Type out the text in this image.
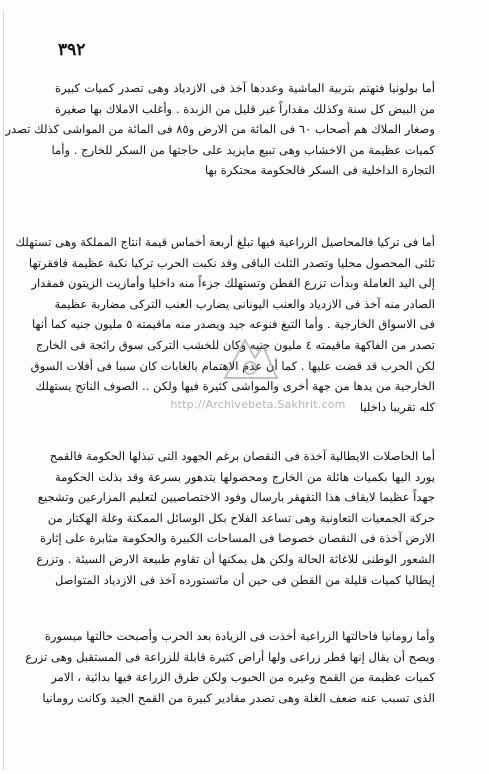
٣٩٢
أما بولونيا فتهتم بتربية الماشية وعددها آخذ فى الازدياد وهى تصدر كميات كبيرة
من البيض كل سنة وكذلك مقداراً غير قليل من الزبدة . وأغلب الاملاك بها صغيرة
وصغار الملاك هم أصحاب ٦٠ فى المائة من الارض و٨٥ فى المائة من المواشى كذلك تصدر
كميات عظيمة من الاخشاب وهى تبيع مايزيد على حاجتها من السكر للخارج . وأما
التجارة الداخلية فى السكر فالحكومة محتكرة بها
أما فى تركيا فالمحاصيل الزراعية فيها تبلغ أربعة أخماس قيمة انتاج المملكة وهى تستهلك
ثلثى المحصول محليا وتصدر الثلث الباقى وقد نكبت الحرب تركيا نكبة عظيمة فافقرتها
إلى اليد العاملة وبدأت تزرع القطن وتستهلك جزءاً منه داخليا وأمازيت الزيتون فمقدار
الصادر منه آخذ فى الازدياد والعنب اليونانى يضارب العنب التركى مضاربة عظيمة
فى الاسواق الخارجية . وأما التبغ فنوعه جيد ويصدر منه ماقيمته ٥ مليون جنيه كما أنها
تصدر من الفاكهة ماقيمته ٤ مليون جنيه وكان للخشب التركى سوق رائجة فى الخارج
لكن الحرب قد قضت عليها . كما أن عدم الاهتمام بالغابات كان سببا فى أفلات السوق
الخارجية من يدها من جهة أخرى والمواشى كثيرة فيها ولكن .. الصوف الناتج يستهلك
كله تقريبا داخليا
http://Archivebeta.Sakhrit.com
أما الحاصلات الايطالية آخذة فى النقصان برغم الجهود التى تبذلها الحكومة فالقمح
يورد اليها بكميات هائلة من الخارج ومحصولها يتدهور بسرعة وقد بذلت الحكومة
جهداً عظيما لايقاف هذا التقهقر بارسال وفود الاختصاصيين لتعليم المزارعين وتشجيع
حركة الجمعيات التعاونية وهى تساعد الفلاح بكل الوسائل الممكنة وغلة الهكتار من
الارض آخذة فى النقصان خصوصا فى المساحات الكبيرة والحكومة مثابرة على إثارة
الشعور الوطنى للاغاثة الحالة ولكن هل يمكنها أن تقاوم طبيعة الارض السيئة . وتزرع
إيطاليا كميات قليلة من القطن فى حين أن ماتستورده آخذ فى الازدياد المتواصل
وأما رومانيا فاحالتها الزراعية أخذت فى الزيادة بعد الحرب وأصبحت حالتها ميسورة
ويصح أن يقال إنها قطر زراعى ولها أراض كثيرة قابلة للزراعة فى المستقبل وهى تزرع
كميات عظيمة من القمح وغيره من الحبوب ولكن طرق الزراعة فيها بدائية ، الامر
الذى تسبب عنه ضعف الغلة وهى تصدر مقادير كبيرة من القمح الجيد وكانت رومانيا
